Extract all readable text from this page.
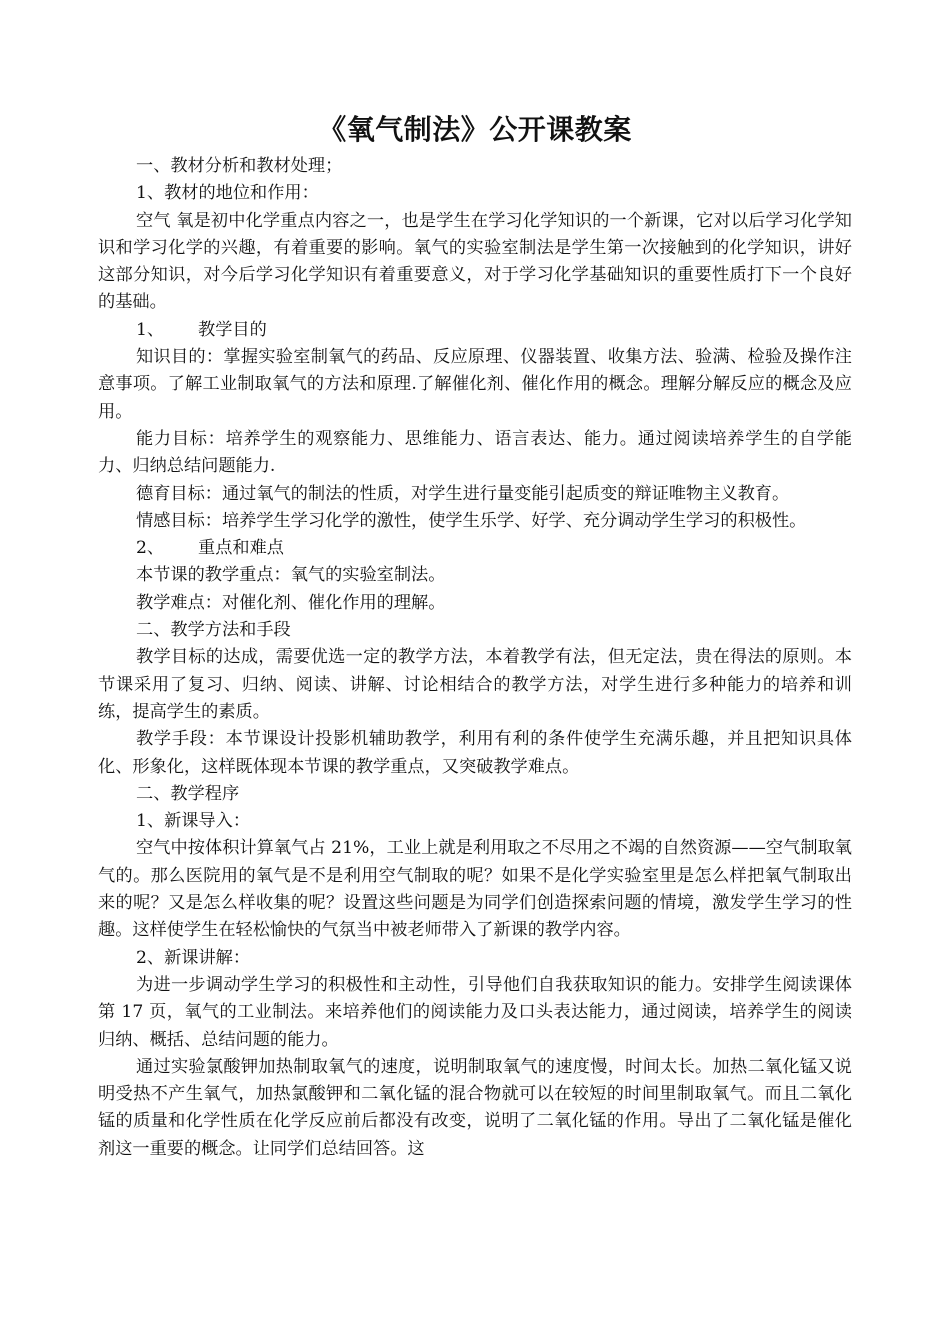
《氧气制法》公开课教案
一、教材分析和教材处理；
1、教材的地位和作用：
空气 氧是初中化学重点内容之一，也是学生在学习化学知识的一个新课，它对以后学习化学知识和学习化学的兴趣，有着重要的影响。氧气的实验室制法是学生第一次接触到的化学知识，讲好这部分知识，对今后学习化学知识有着重要意义，对于学习化学基础知识的重要性质打下一个良好的基础。
1、 教学目的
知识目的：掌握实验室制氧气的药品、反应原理、仪器装置、收集方法、验满、检验及操作注意事项。了解工业制取氧气的方法和原理.了解催化剂、催化作用的概念。理解分解反应的概念及应用。
能力目标：培养学生的观察能力、思维能力、语言表达、能力。通过阅读培养学生的自学能力、归纳总结问题能力.
德育目标：通过氧气的制法的性质，对学生进行量变能引起质变的辩证唯物主义教育。
情感目标：培养学生学习化学的激性，使学生乐学、好学、充分调动学生学习的积极性。
2、 重点和难点
本节课的教学重点：氧气的实验室制法。
教学难点：对催化剂、催化作用的理解。
二、教学方法和手段
教学目标的达成，需要优选一定的教学方法，本着教学有法，但无定法，贵在得法的原则。本节课采用了复习、归纳、阅读、讲解、讨论相结合的教学方法，对学生进行多种能力的培养和训练，提高学生的素质。
教学手段：本节课设计投影机辅助教学，利用有利的条件使学生充满乐趣，并且把知识具体化、形象化，这样既体现本节课的教学重点，又突破教学难点。
二、教学程序
1、新课导入：
空气中按体积计算氧气占 21%，工业上就是利用取之不尽用之不竭的自然资源——空气制取氧气的。那么医院用的氧气是不是利用空气制取的呢？如果不是化学实验室里是怎么样把氧气制取出来的呢？又是怎么样收集的呢？设置这些问题是为同学们创造探索问题的情境，激发学生学习的性趣。这样使学生在轻松愉快的气氛当中被老师带入了新课的教学内容。
2、新课讲解：
为进一步调动学生学习的积极性和主动性，引导他们自我获取知识的能力。安排学生阅读课体第 17 页，氧气的工业制法。来培养他们的阅读能力及口头表达能力，通过阅读，培养学生的阅读归纳、概括、总结问题的能力。
通过实验氯酸钾加热制取氧气的速度，说明制取氧气的速度慢，时间太长。加热二氧化锰又说明受热不产生氧气，加热氯酸钾和二氧化锰的混合物就可以在较短的时间里制取氧气。而且二氧化锰的质量和化学性质在化学反应前后都没有改变，说明了二氧化锰的作用。导出了二氧化锰是催化剂这一重要的概念。让同学们总结回答。这
